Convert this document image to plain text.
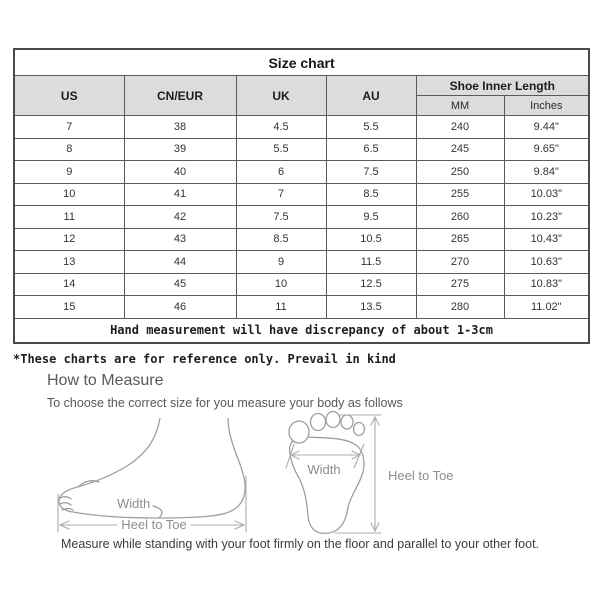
Size chart					
US	CN/EUR	UK	AU	Shoe Inner Length	
				MM	Inches
7	38	4.5	5.5	240	9.44"
8	39	5.5	6.5	245	9.65"
9	40	6	7.5	250	9.84"
10	41	7	8.5	255	10.03"
11	42	7.5	9.5	260	10.23"
12	43	8.5	10.5	265	10.43"
13	44	9	11.5	270	10.63"
14	45	10	12.5	275	10.83"
15	46	11	13.5	280	11.02"
Hand measurement will have discrepancy of about 1-3cm					
*These charts are for reference only. Prevail in kind
How to Measure
To choose the correct size for you measure your body as follows
Width
Heel to Toe
Width	Heel to Toe
Measure while standing with your foot firmly on the floor and parallel to your other foot.
